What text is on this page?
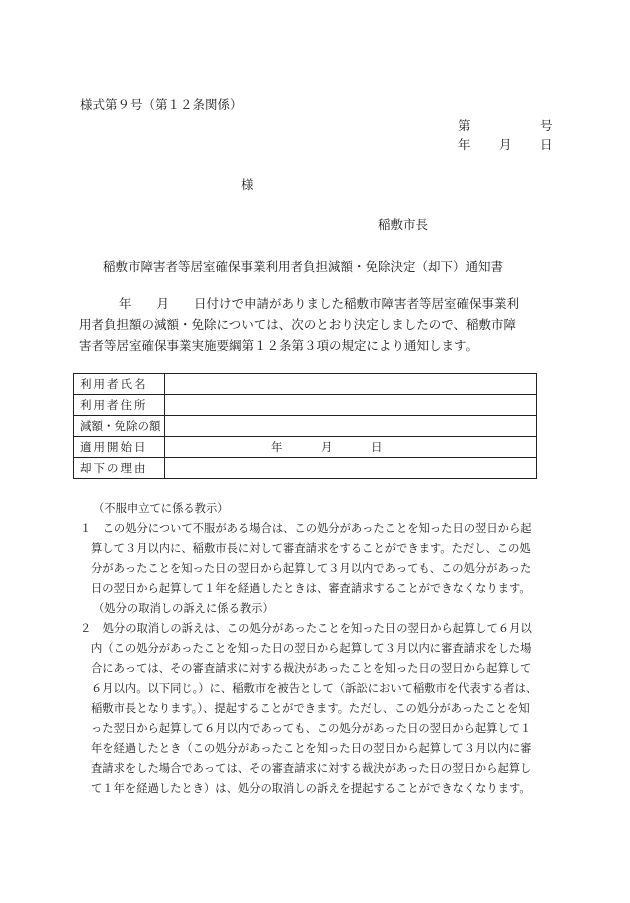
様式第９号（第１２条関係）
第	号
年 月 日
様
稲敷市長
稲敷市障害者等居室確保事業利用者負担減額・免除決定（却下）通知書
年　　月　　日付けで申請がありました稲敷市障害者等居室確保事業利
用者負担額の減額・免除については、次のとおり決定しましたので、稲敷市障
害者等居室確保事業実施要綱第１２条第３項の規定により通知します。
利用者氏名	
利用者住所	
減額・免除の額	
適用開始日	年 月 日

却下の理由	
（不服申立てに係る教示）
１　この処分について不服がある場合は、この処分があったことを知った日の翌日から起
算して３月以内に、稲敷市長に対して審査請求をすることができます。ただし、この処
分があったことを知った日の翌日から起算して３月以内であっても、この処分があった
日の翌日から起算して１年を経過したときは、審査請求することができなくなります。
（処分の取消しの訴えに係る教示）
２　処分の取消しの訴えは、この処分があったことを知った日の翌日から起算して６月以
内（この処分があったことを知った日の翌日から起算して３月以内に審査請求をした場
合にあっては、その審査請求に対する裁決があったことを知った日の翌日から起算して
６月以内。以下同じ。）に、稲敷市を被告として（訴訟において稲敷市を代表する者は、
稲敷市長となります。）、提起することができます。ただし、この処分があったことを知
った翌日から起算して６月以内であっても、この処分があった日の翌日から起算して１
年を経過したとき（この処分があったことを知った日の翌日から起算して３月以内に審
査請求をした場合であっては、その審査請求に対する裁決があった日の翌日から起算し
て１年を経過したとき）は、処分の取消しの訴えを提起することができなくなります。
